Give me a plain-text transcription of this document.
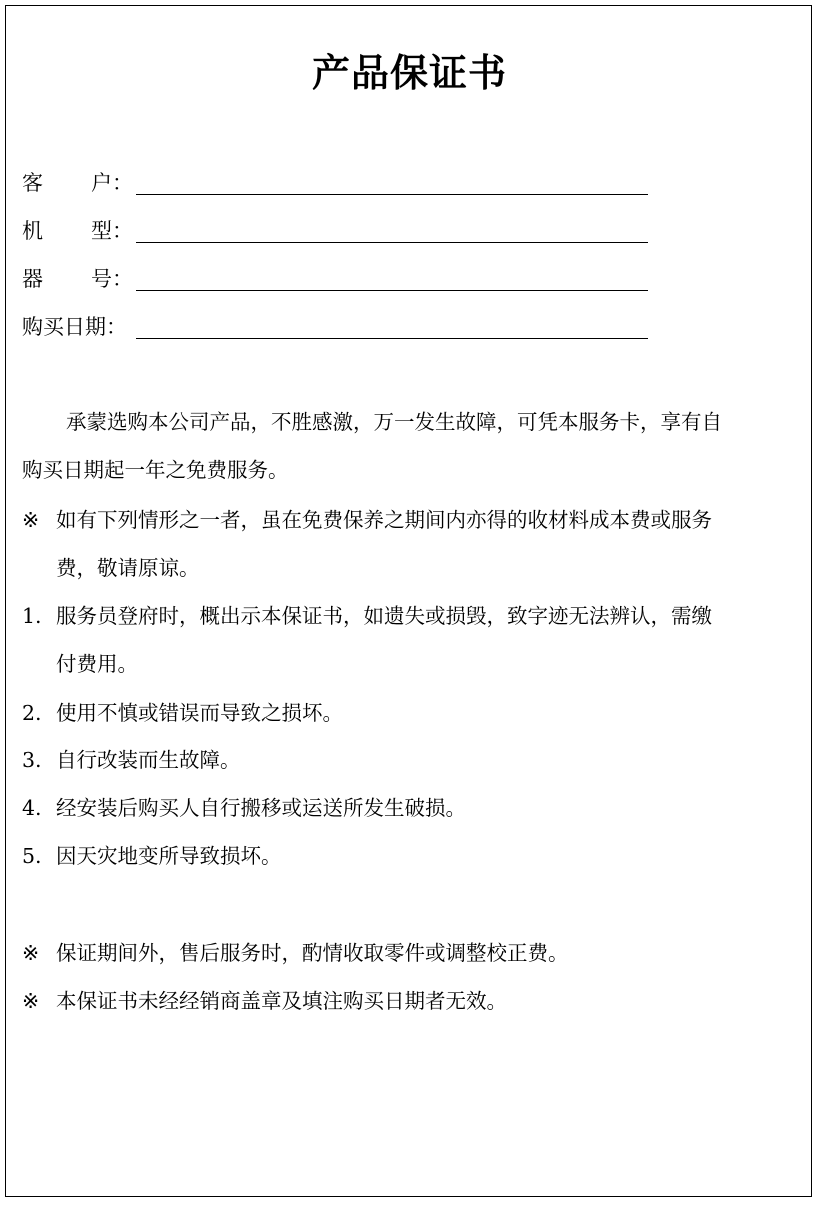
产品保证书
客 户：
机 型：
器 号：
购买日期：
承蒙选购本公司产品，不胜感激，万一发生故障，可凭本服务卡，享有自
购买日期起一年之免费服务。
※ 如有下列情形之一者，虽在免费保养之期间内亦得的收材料成本费或服务
费，敬请原谅。
1. 服务员登府时，概出示本保证书，如遗失或损毁，致字迹无法辨认，需缴
付费用。
2. 使用不慎或错误而导致之损坏。
3. 自行改装而生故障。
4. 经安装后购买人自行搬移或运送所发生破损。
5. 因天灾地变所导致损坏。
※ 保证期间外，售后服务时，酌情收取零件或调整校正费。
※ 本保证书未经经销商盖章及填注购买日期者无效。
